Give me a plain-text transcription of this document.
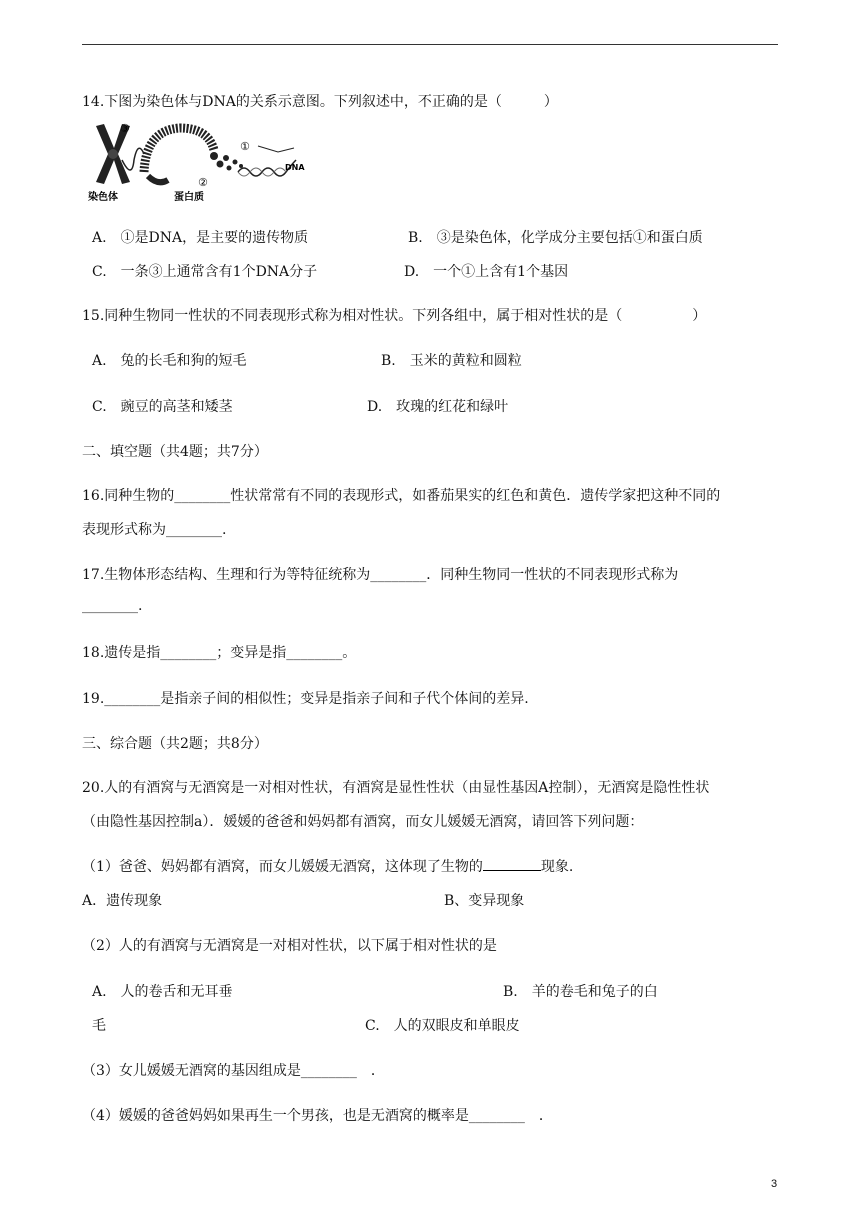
14.下图为染色体与DNA的关系示意图。下列叙述中，不正确的是（　　　）
③
①
②
DNA
染色体	蛋白质
A.　①是DNA，是主要的遗传物质	B.　③是染色体，化学成分主要包括①和蛋白质
C.　一条③上通常含有1个DNA分子	D.　一个①上含有1个基因
15.同种生物同一性状的不同表现形式称为相对性状。下列各组中，属于相对性状的是（　　　　　）
A.　兔的长毛和狗的短毛	B.　玉米的黄粒和圆粒
C.　豌豆的高茎和矮茎	D.　玫瑰的红花和绿叶
二、填空题（共4题；共7分）
16.同种生物的________性状常常有不同的表现形式，如番茄果实的红色和黄色．遗传学家把这种不同的
表现形式称为________.
17.生物体形态结构、生理和行为等特征统称为________．同种生物同一性状的不同表现形式称为
________.
18.遗传是指________；变异是指________。
19.________是指亲子间的相似性；变异是指亲子间和子代个体间的差异.
三、综合题（共2题；共8分）
20.人的有酒窝与无酒窝是一对相对性状，有酒窝是显性性状（由显性基因A控制），无酒窝是隐性性状
（由隐性基因控制a）．媛媛的爸爸和妈妈都有酒窝，而女儿媛媛无酒窝，请回答下列问题：
（1）爸爸、妈妈都有酒窝，而女儿媛媛无酒窝，这体现了生物的	现象.
A．遗传现象	B、变异现象
（2）人的有酒窝与无酒窝是一对相对性状，以下属于相对性状的是
A.　人的卷舌和无耳垂	B.　羊的卷毛和兔子的白
毛	C.　人的双眼皮和单眼皮
（3）女儿媛媛无酒窝的基因组成是________　．
（4）媛媛的爸爸妈妈如果再生一个男孩，也是无酒窝的概率是________　．
3
